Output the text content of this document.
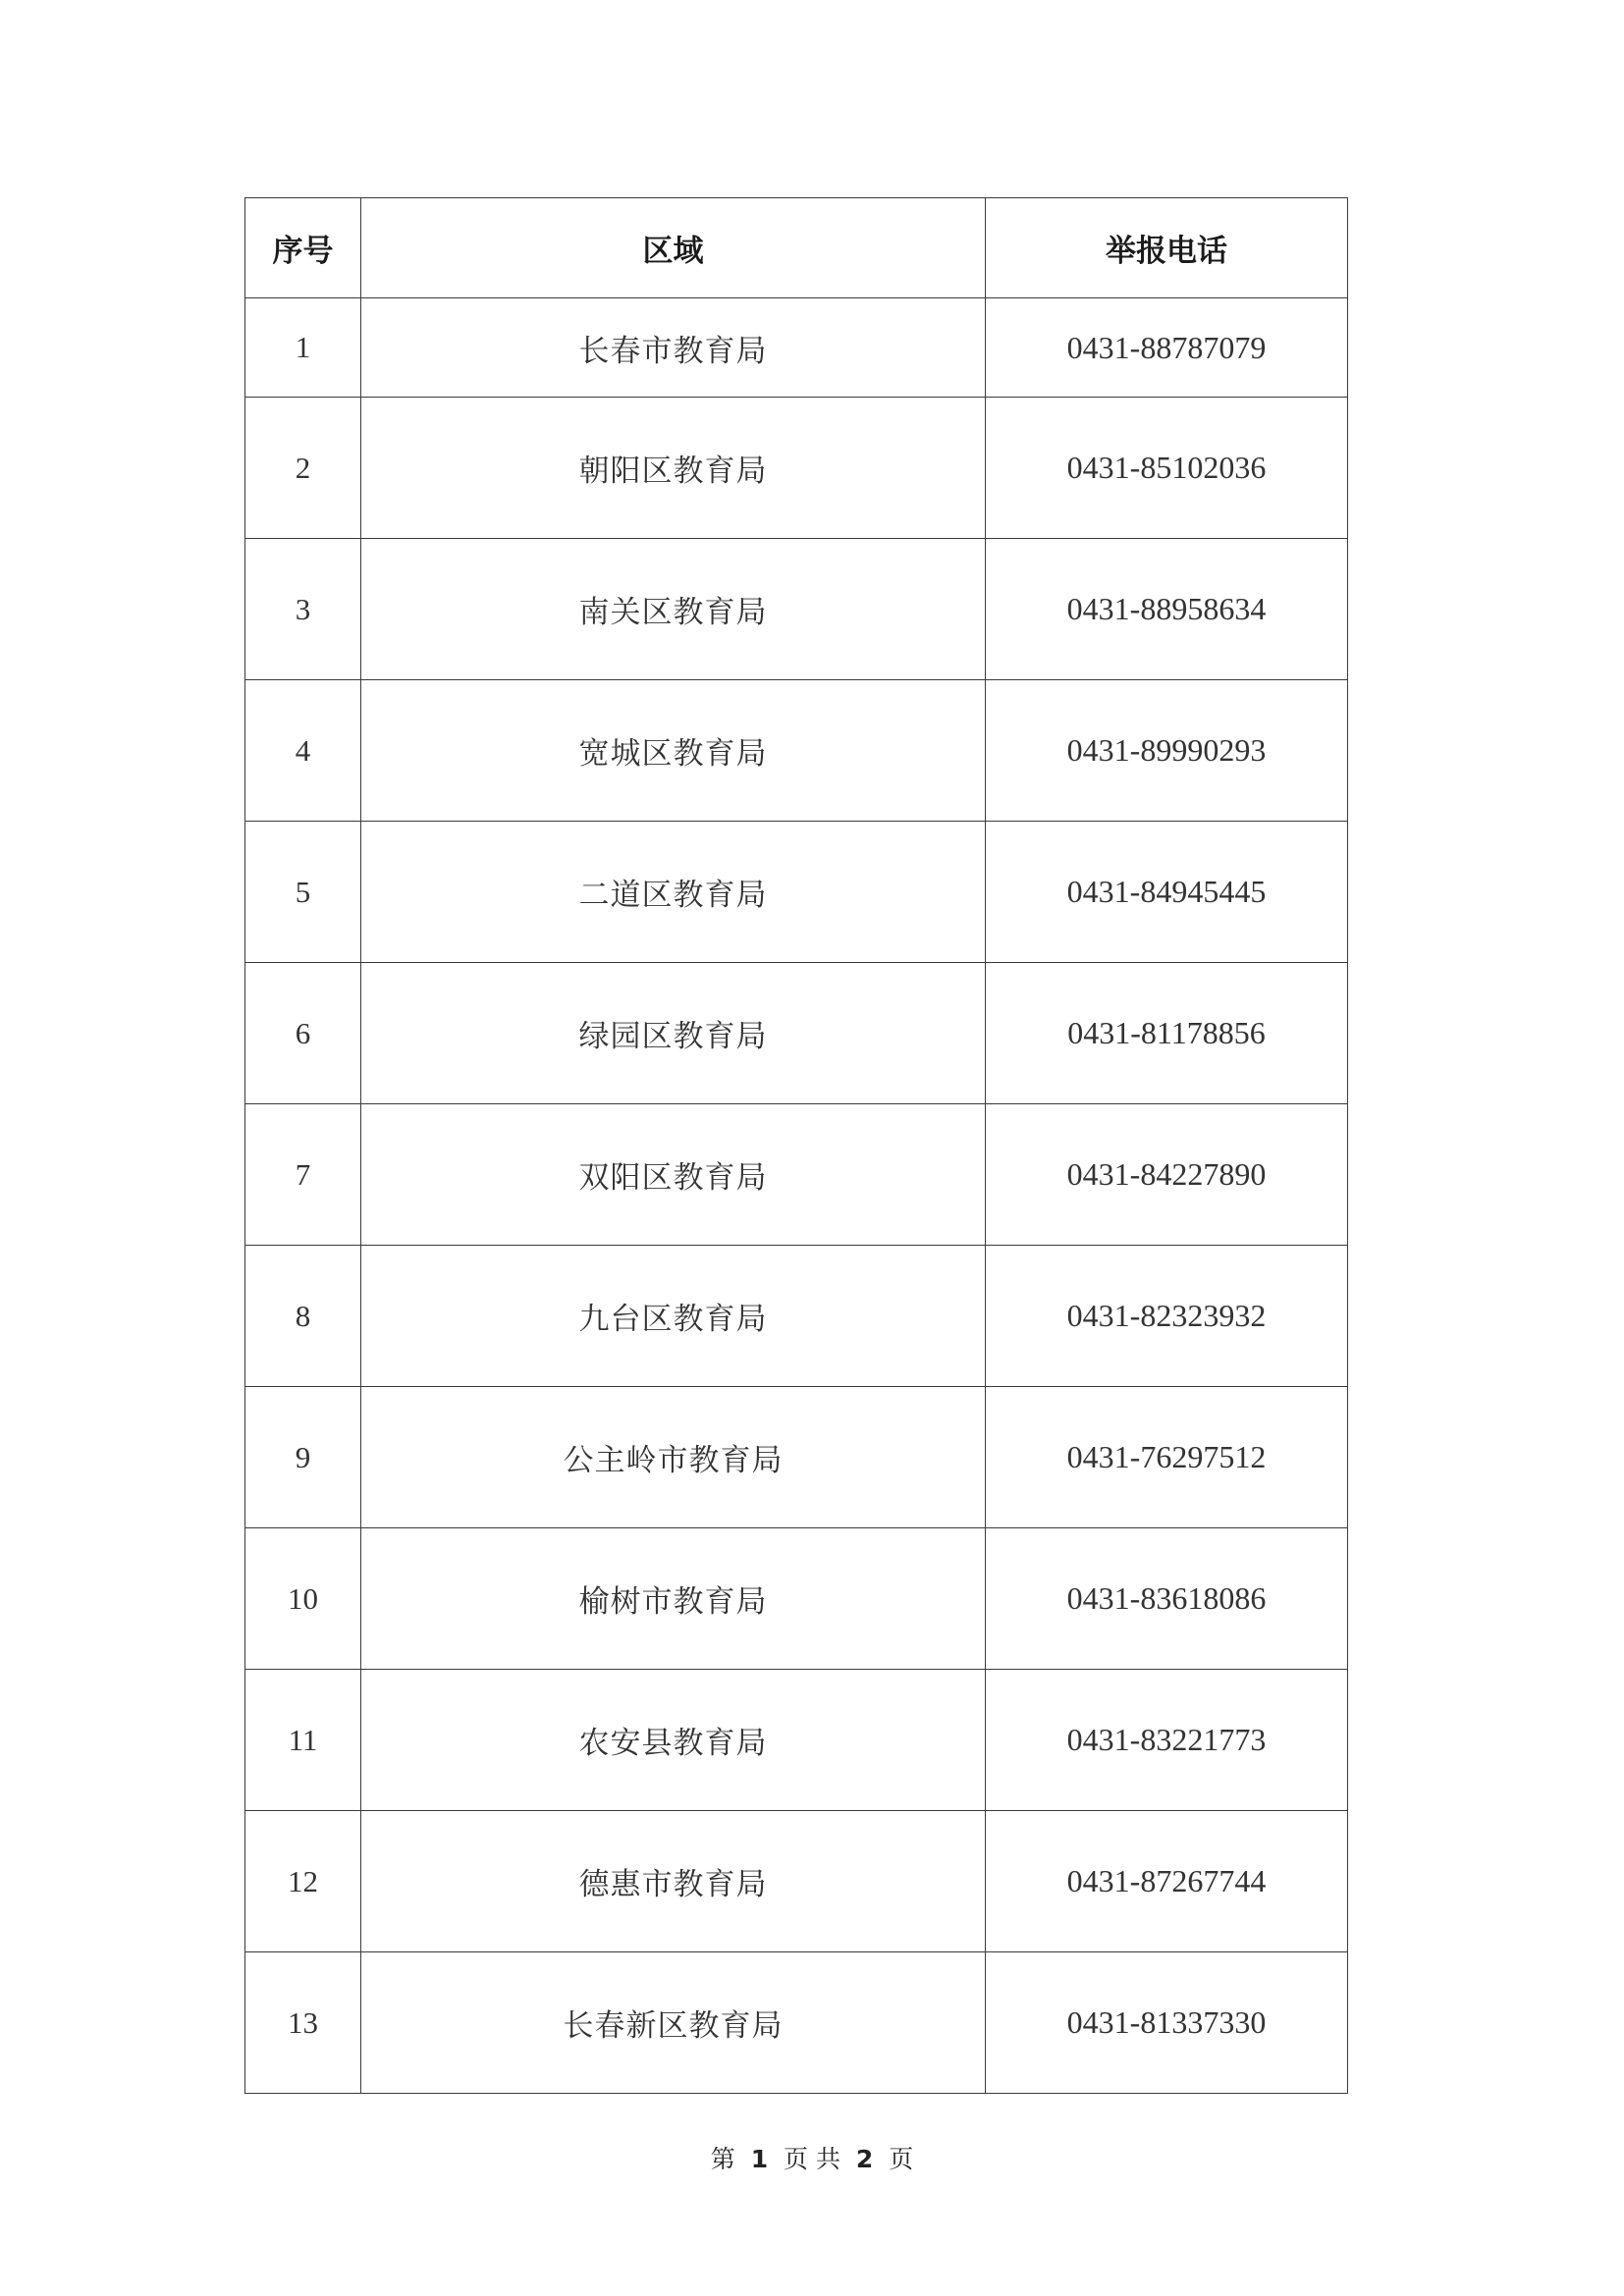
序号	区域	举报电话
1	长春市教育局	0431-88787079
2	朝阳区教育局	0431-85102036
3	南关区教育局	0431-88958634
4	宽城区教育局	0431-89990293
5	二道区教育局	0431-84945445
6	绿园区教育局	0431-81178856
7	双阳区教育局	0431-84227890
8	九台区教育局	0431-82323932
9	公主岭市教育局	0431-76297512
10	榆树市教育局	0431-83618086
11	农安县教育局	0431-83221773
12	德惠市教育局	0431-87267744
13	长春新区教育局	0431-81337330
第 1 页 共 2 页
